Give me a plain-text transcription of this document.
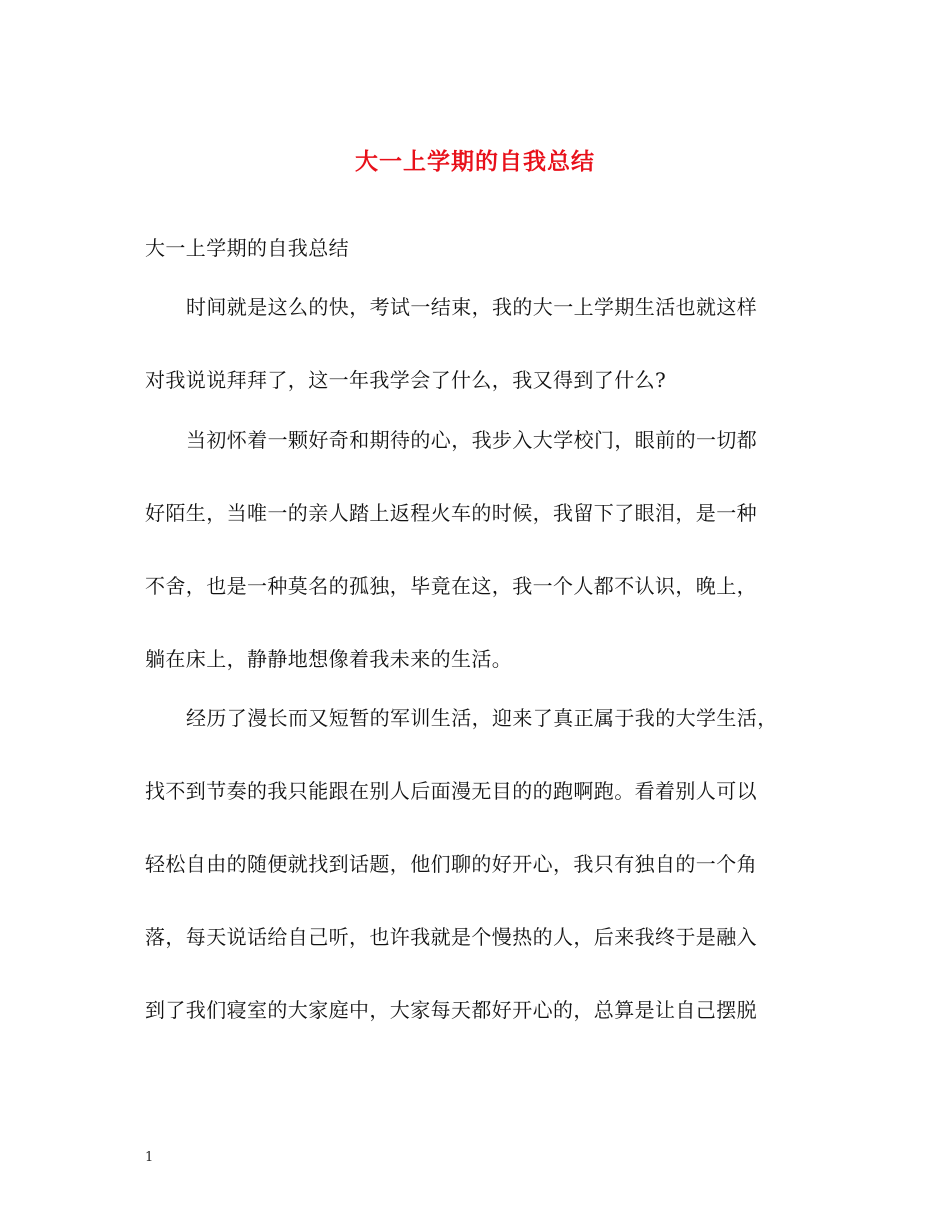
大一上学期的自我总结
大一上学期的自我总结
时间就是这么的快，考试一结束，我的大一上学期生活也就这样
对我说说拜拜了，这一年我学会了什么，我又得到了什么?
当初怀着一颗好奇和期待的心，我步入大学校门，眼前的一切都
好陌生，当唯一的亲人踏上返程火车的时候，我留下了眼泪，是一种
不舍，也是一种莫名的孤独，毕竟在这，我一个人都不认识，晚上，
躺在床上，静静地想像着我未来的生活。
经历了漫长而又短暂的军训生活，迎来了真正属于我的大学生活，
找不到节奏的我只能跟在别人后面漫无目的的跑啊跑。看着别人可以
轻松自由的随便就找到话题，他们聊的好开心，我只有独自的一个角
落，每天说话给自己听，也许我就是个慢热的人，后来我终于是融入
到了我们寝室的大家庭中，大家每天都好开心的，总算是让自己摆脱
1
